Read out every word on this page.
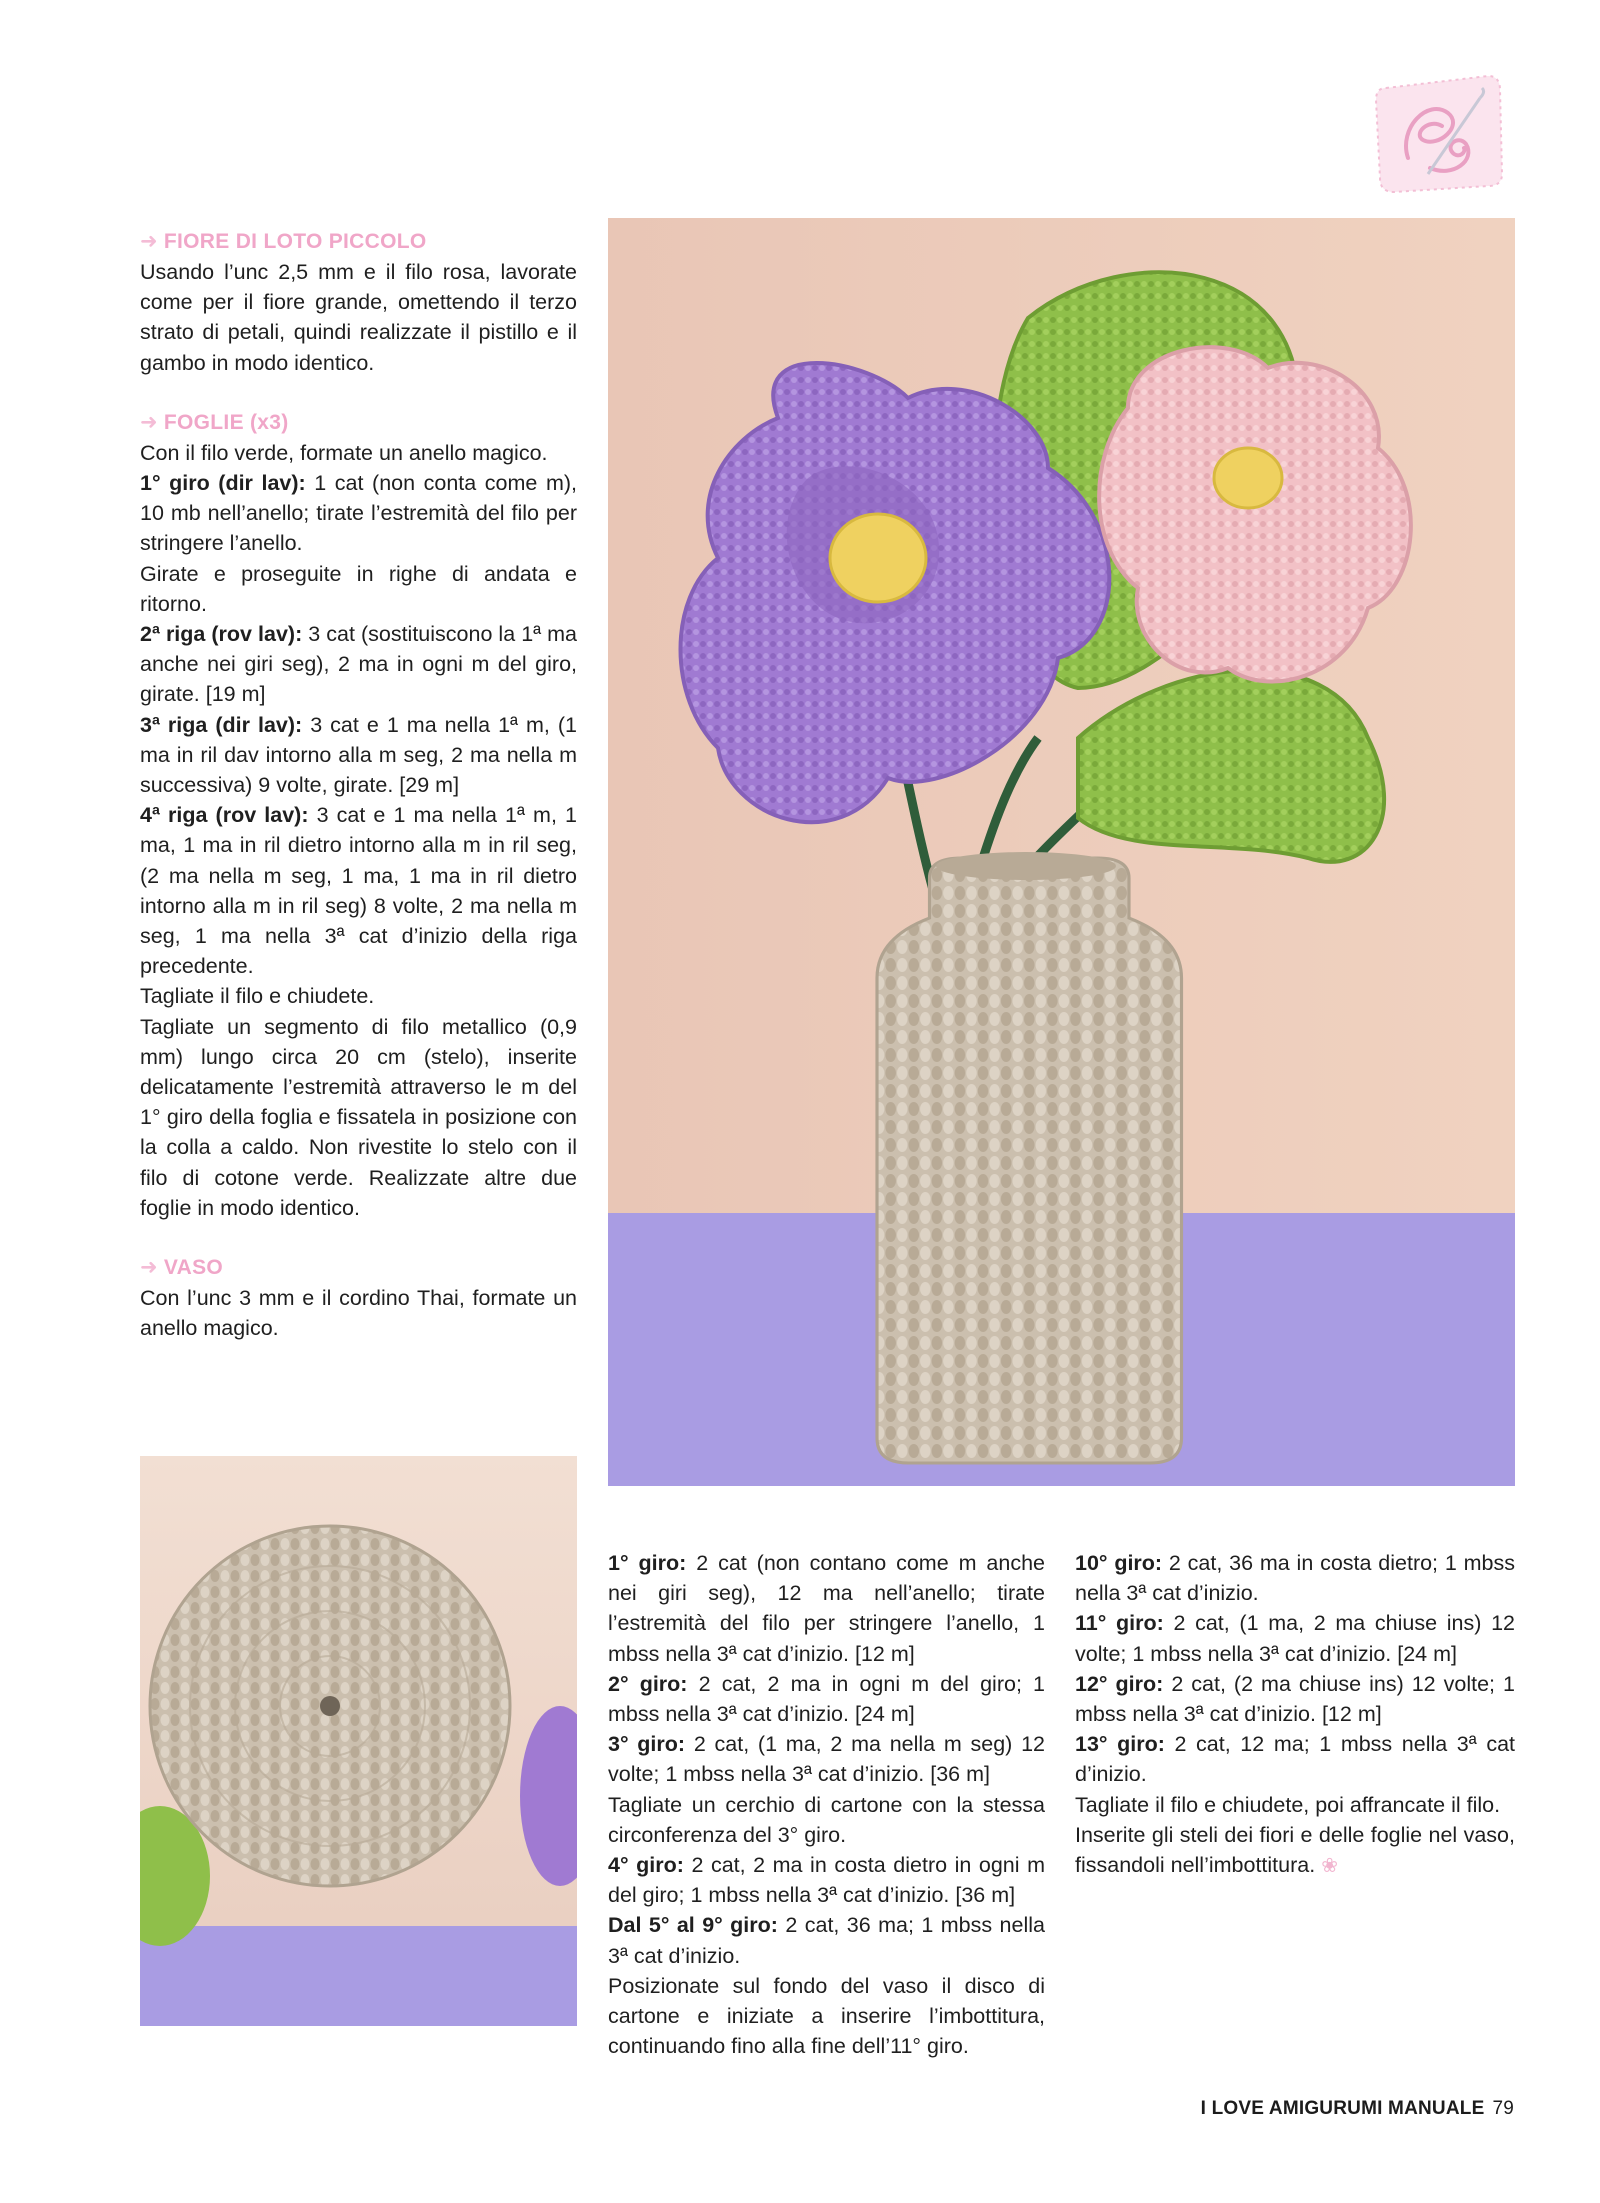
➜ FIORE DI LOTO PICCOLO

Usando l’unc 2,5 mm e il filo rosa, lavorate come per il fiore grande, omettendo il terzo strato di petali, quindi realizzate il pistillo e il gambo in modo identico.

➜ FOGLIE (x3)

Con il filo verde, formate un anello magico.

1° giro (dir lav): 1 cat (non conta come m), 10 mb nell’anello; tirate l’estremità del filo per stringere l’anello.

Girate e proseguite in righe di andata e ritorno.

2ª riga (rov lav): 3 cat (sostituiscono la 1ª ma anche nei giri seg), 2 ma in ogni m del giro, girate. [19 m]

3ª riga (dir lav): 3 cat e 1 ma nella 1ª m, (1 ma in ril dav intorno alla m seg, 2 ma nella m successiva) 9 volte, girate. [29 m]

4ª riga (rov lav): 3 cat e 1 ma nella 1ª m, 1 ma, 1 ma in ril dietro intorno alla m in ril seg, (2 ma nella m seg, 1 ma, 1 ma in ril dietro intorno alla m in ril seg) 8 volte, 2 ma nella m seg, 1 ma nella 3ª cat d’inizio della riga precedente.

Tagliate il filo e chiudete.

Tagliate un segmento di filo metallico (0,9 mm) lungo circa 20 cm (stelo), inserite delicatamente l’estremità attraverso le m del 1° giro della foglia e fissatela in posizione con la colla a caldo. Non rivestite lo stelo con il filo di cotone verde. Realizzate altre due foglie in modo identico.

➜ VASO

Con l’unc 3 mm e il cordino Thai, formate un anello magico.

1° giro: 2 cat (non contano come m anche nei giri seg), 12 ma nell’anello; tirate l’estremità del filo per stringere l’anello, 1 mbss nella 3ª cat d’inizio. [12 m]

2° giro: 2 cat, 2 ma in ogni m del giro; 1 mbss nella 3ª cat d’inizio. [24 m]

3° giro: 2 cat, (1 ma, 2 ma nella m seg) 12 volte; 1 mbss nella 3ª cat d’inizio. [36 m]

Tagliate un cerchio di cartone con la stessa circonferenza del 3° giro.

4° giro: 2 cat, 2 ma in costa dietro in ogni m del giro; 1 mbss nella 3ª cat d’inizio. [36 m]

Dal 5° al 9° giro: 2 cat, 36 ma; 1 mbss nella 3ª cat d’inizio.

Posizionate sul fondo del vaso il disco di cartone e iniziate a inserire l’imbottitura, continuando fino alla fine dell’11° giro.

10° giro: 2 cat, 36 ma in costa dietro; 1 mbss nella 3ª cat d’inizio.

11° giro: 2 cat, (1 ma, 2 ma chiuse ins) 12 volte; 1 mbss nella 3ª cat d’inizio. [24 m]

12° giro: 2 cat, (2 ma chiuse ins) 12 volte; 1 mbss nella 3ª cat d’inizio. [12 m]

13° giro: 2 cat, 12 ma; 1 mbss nella 3ª cat d’inizio.

Tagliate il filo e chiudete, poi affrancate il filo.

Inserite gli steli dei fiori e delle foglie nel vaso, fissandoli nell’imbottitura. ❀

I LOVE AMIGURUMI MANUALE 79
